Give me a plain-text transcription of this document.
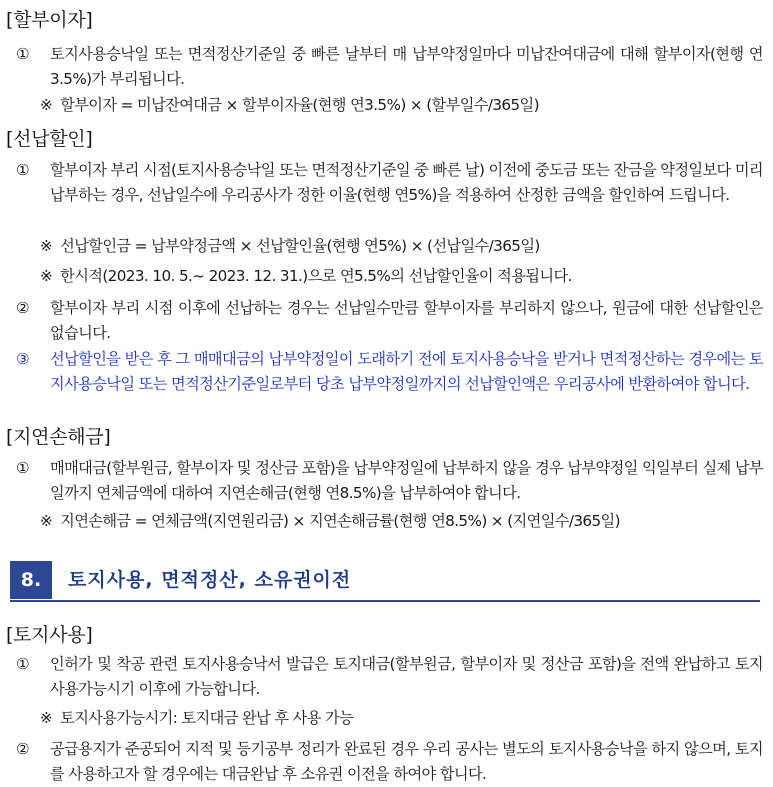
[할부이자]
①	토지사용승낙일 또는 면적정산기준일 중 빠른 날부터 매 납부약정일마다 미납잔여대금에 대해 할부이자(현행 연3.5%)가 부리됩니다.
※ 할부이자 = 미납잔여대금 × 할부이자율(현행 연3.5%) × (할부일수/365일)
[선납할인]
①	할부이자 부리 시점(토지사용승낙일 또는 면적정산기준일 중 빠른 날) 이전에 중도금 또는 잔금을 약정일보다 미리 납부하는 경우, 선납일수에 우리공사가 정한 이율(현행 연5%)을 적용하여 산정한 금액을 할인하여 드립니다.
※ 선납할인금 = 납부약정금액 × 선납할인율(현행 연5%) × (선납일수/365일)
※ 한시적(2023. 10. 5.~ 2023. 12. 31.)으로 연5.5%의 선납할인율이 적용됩니다.
②	할부이자 부리 시점 이후에 선납하는 경우는 선납일수만큼 할부이자를 부리하지 않으나, 원금에 대한 선납할인은 없습니다.
③	선납할인을 받은 후 그 매매대금의 납부약정일이 도래하기 전에 토지사용승낙을 받거나 면적정산하는 경우에는 토지사용승낙일 또는 면적정산기준일로부터 당초 납부약정일까지의 선납할인액은 우리공사에 반환하여야 합니다.
[지연손해금]
①	매매대금(할부원금, 할부이자 및 정산금 포함)을 납부약정일에 납부하지 않을 경우 납부약정일 익일부터 실제 납부일까지 연체금액에 대하여 지연손해금(현행 연8.5%)을 납부하여야 합니다.
※ 지연손해금 = 연체금액(지연원리금) × 지연손해금률(현행 연8.5%) × (지연일수/365일)
8.	토지사용, 면적정산, 소유권이전
[토지사용]
①	인허가 및 착공 관련 토지사용승낙서 발급은 토지대금(할부원금, 할부이자 및 정산금 포함)을 전액 완납하고 토지사용가능시기 이후에 가능합니다.
※ 토지사용가능시기: 토지대금 완납 후 사용 가능
②	공급용지가 준공되어 지적 및 등기공부 정리가 완료된 경우 우리 공사는 별도의 토지사용승낙을 하지 않으며, 토지를 사용하고자 할 경우에는 대금완납 후 소유권 이전을 하여야 합니다.
